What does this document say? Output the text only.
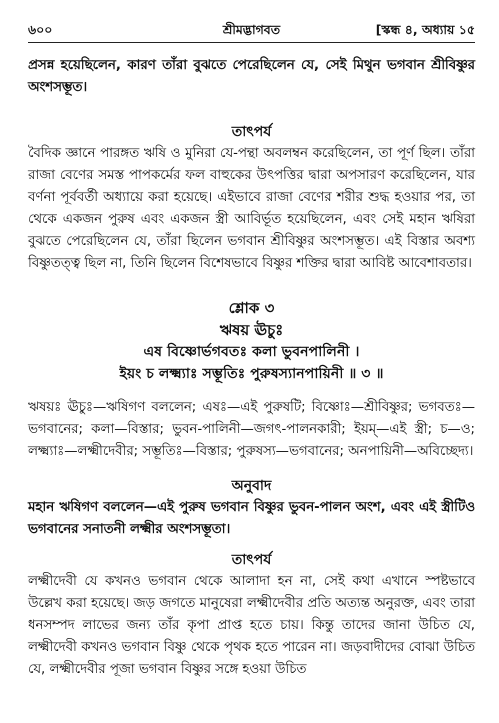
৬০০	শ্রীমদ্ভাগবত	[স্কন্ধ ৪, অধ্যায় ১৫

প্রসন্ন হয়েছিলেন, কারণ তাঁরা বুঝতে পেরেছিলেন যে, সেই মিথুন ভগবান শ্রীবিষ্ণুর অংশসম্ভূত।

তাৎপর্য

বৈদিক জ্ঞানে পারঙ্গত ঋষি ও মুনিরা যে-পন্থা অবলম্বন করেছিলেন, তা পূর্ণ ছিল। তাঁরা রাজা বেণের সমস্ত পাপকর্মের ফল বাহুকের উৎপত্তির দ্বারা অপসারণ করেছিলেন, যার বর্ণনা পূর্ববর্তী অধ্যায়ে করা হয়েছে। এইভাবে রাজা বেণের শরীর শুদ্ধ হওয়ার পর, তা থেকে একজন পুরুষ এবং একজন স্ত্রী আবির্ভূত হয়েছিলেন, এবং সেই মহান ঋষিরা বুঝতে পেরেছিলেন যে, তাঁরা ছিলেন ভগবান শ্রীবিষ্ণুর অংশসম্ভূত। এই বিস্তার অবশ্য বিষ্ণুতত্ত্ব ছিল না, তিনি ছিলেন বিশেষভাবে বিষ্ণুর শক্তির দ্বারা আবিষ্ট আবেশাবতার।

শ্লোক ৩
ঋষয় ঊচুঃ
এষ বিষ্ণোর্ভগবতঃ কলা ভুবনপালিনী ।
ইয়ং চ লক্ষ্ম্যাঃ সম্ভূতিঃ পুরুষস্যানপায়িনী ॥ ৩ ॥

ঋষয়ঃ ঊচুঃ—ঋষিগণ বললেন; এষঃ—এই পুরুষটি; বিষ্ণোঃ—শ্রীবিষ্ণুর; ভগবতঃ—ভগবানের; কলা—বিস্তার; ভুবন-পালিনী—জগৎ-পালনকারী; ইয়ম্—এই স্ত্রী; চ—ও; লক্ষ্ম্যাঃ—লক্ষ্মীদেবীর; সম্ভূতিঃ—বিস্তার; পুরুষস্য—ভগবানের; অনপায়িনী—অবিচ্ছেদ্য।

অনুবাদ

মহান ঋষিগণ বললেন—এই পুরুষ ভগবান বিষ্ণুর ভুবন-পালন অংশ, এবং এই স্ত্রীটিও ভগবানের সনাতনী লক্ষ্মীর অংশসম্ভূতা।

তাৎপর্য

লক্ষ্মীদেবী যে কখনও ভগবান থেকে আলাদা হন না, সেই কথা এখানে স্পষ্টভাবে উল্লেখ করা হয়েছে। জড় জগতে মানুষেরা লক্ষ্মীদেবীর প্রতি অত্যন্ত অনুরক্ত, এবং তারা ধনসম্পদ লাভের জন্য তাঁর কৃপা প্রাপ্ত হতে চায়। কিন্তু তাদের জানা উচিত যে, লক্ষ্মীদেবী কখনও ভগবান বিষ্ণু থেকে পৃথক হতে পারেন না। জড়বাদীদের বোঝা উচিত যে, লক্ষ্মীদেবীর পূজা ভগবান বিষ্ণুর সঙ্গে হওয়া উচিত
